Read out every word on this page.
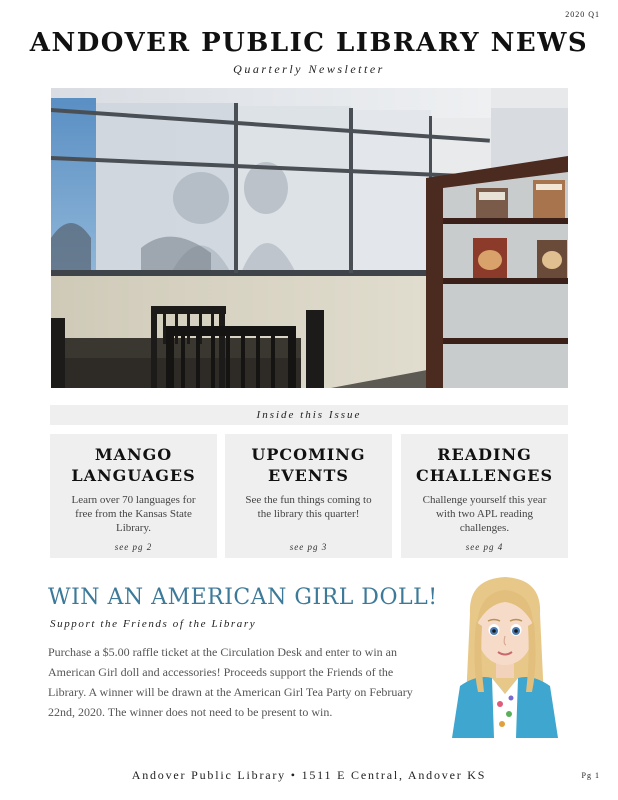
2020 Q1
ANDOVER PUBLIC LIBRARY NEWS
Quarterly Newsletter
Inside this Issue
MANGO
LANGUAGES
Learn over 70 languages for free from the Kansas State Library.
see pg 2
UPCOMING
EVENTS
See the fun things coming to the library this quarter!
see pg 3
READING
CHALLENGES
Challenge yourself this year with two APL reading challenges.
see pg 4
WIN AN AMERICAN GIRL DOLL!
Support the Friends of the Library
Purchase a $5.00 raffle ticket at the Circulation Desk and enter to win an American Girl doll and accessories! Proceeds support the Friends of the Library. A winner will be drawn at the American Girl Tea Party on February 22nd, 2020. The winner does not need to be present to win.
Andover Public Library • 1511 E Central, Andover KS	Pg 1
